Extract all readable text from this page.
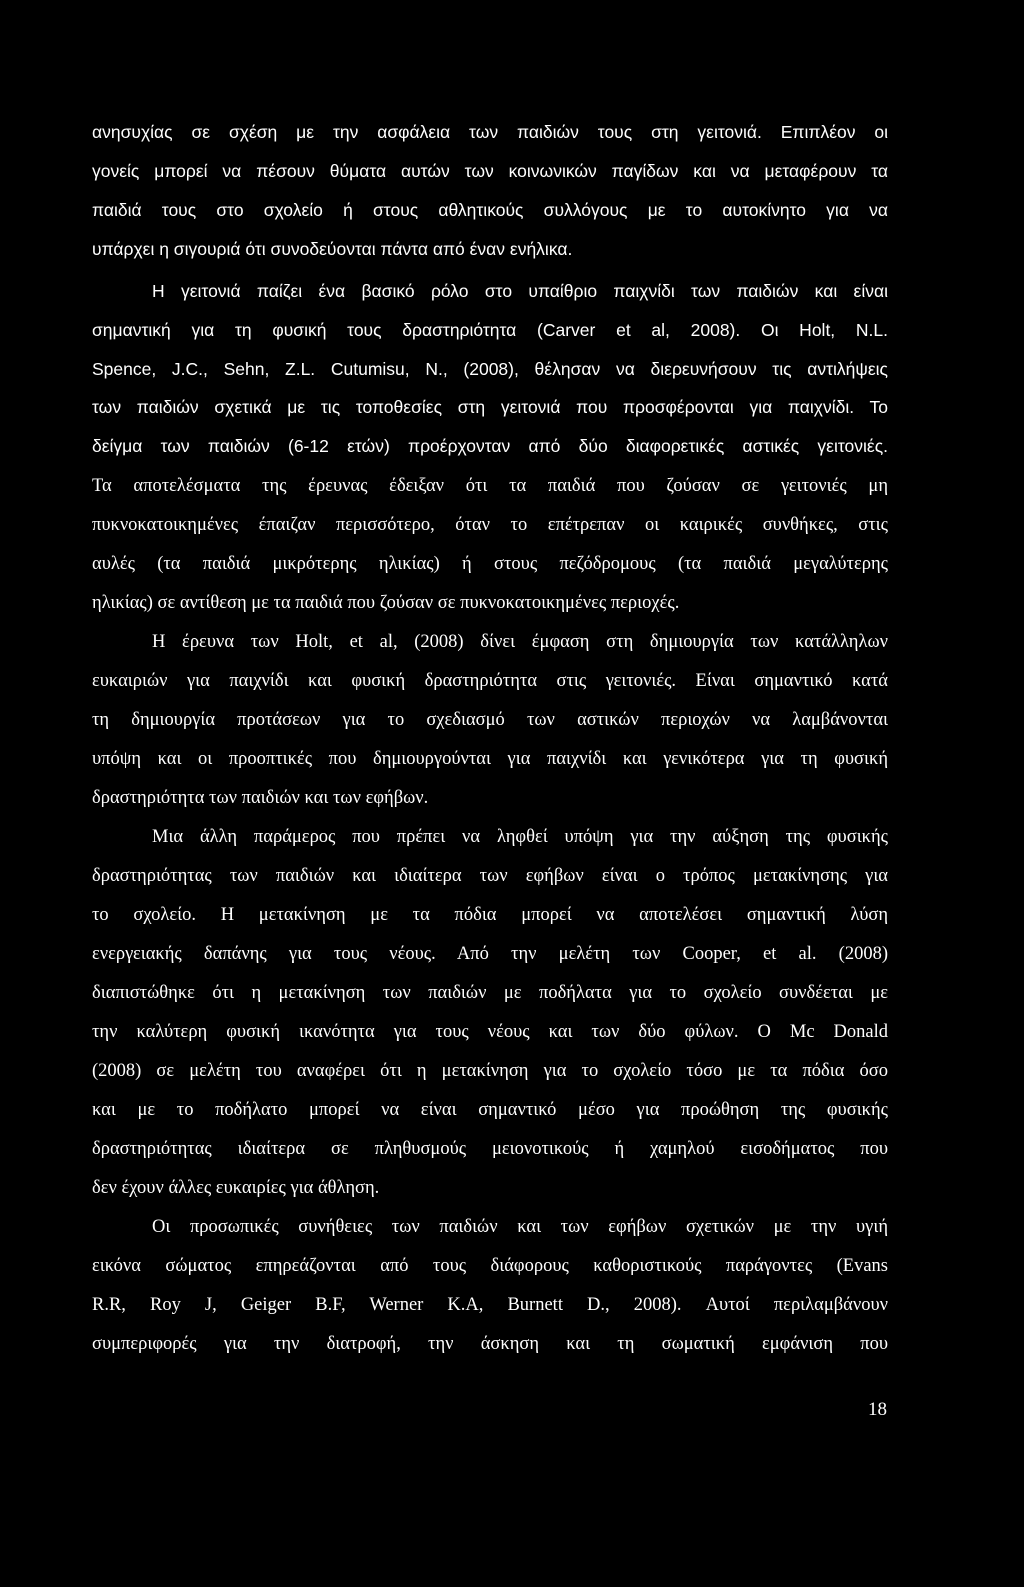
ανησυχίας σε σχέση με την ασφάλεια των παιδιών τους στη γειτονιά. Επιπλέον οι
γονείς μπορεί να πέσουν θύματα αυτών των κοινωνικών παγίδων και να μεταφέρουν τα
παιδιά τους στο σχολείο ή στους αθλητικούς συλλόγους με το αυτοκίνητο για να
υπάρχει η σιγουριά ότι συνοδεύονται πάντα από έναν ενήλικα.
Η γειτονιά παίζει ένα βασικό ρόλο στο υπαίθριο παιχνίδι των παιδιών και είναι
σημαντική για τη φυσική τους δραστηριότητα (Carver et al, 2008). Οι Holt, N.L.
Spence, J.C., Sehn, Z.L. Cutumisu, N., (2008), θέλησαν να διερευνήσουν τις αντιλήψεις
των παιδιών σχετικά με τις τοποθεσίες στη γειτονιά που προσφέρονται για παιχνίδι. Το
δείγμα των παιδιών (6-12 ετών) προέρχονταν από δύο διαφορετικές αστικές γειτονιές.
Τα αποτελέσματα της έρευνας έδειξαν ότι τα παιδιά που ζούσαν σε γειτονιές μη
πυκνοκατοικημένες έπαιζαν περισσότερο, όταν το επέτρεπαν οι καιρικές συνθήκες, στις
αυλές (τα παιδιά μικρότερης ηλικίας) ή στους πεζόδρομους (τα παιδιά μεγαλύτερης
ηλικίας) σε αντίθεση με τα παιδιά που ζούσαν σε πυκνοκατοικημένες περιοχές.
Η έρευνα των Holt, et al, (2008) δίνει έμφαση στη δημιουργία των κατάλληλων
ευκαιριών για παιχνίδι και φυσική δραστηριότητα στις γειτονιές. Είναι σημαντικό κατά
τη δημιουργία προτάσεων για το σχεδιασμό των αστικών περιοχών να λαμβάνονται
υπόψη και οι προοπτικές που δημιουργούνται για παιχνίδι και γενικότερα για τη φυσική
δραστηριότητα των παιδιών και των εφήβων.
Μια άλλη παράμερος που πρέπει να ληφθεί υπόψη για την αύξηση της φυσικής
δραστηριότητας των παιδιών και ιδιαίτερα των εφήβων είναι ο τρόπος μετακίνησης για
το σχολείο. Η μετακίνηση με τα πόδια μπορεί να αποτελέσει σημαντική λύση
ενεργειακής δαπάνης για τους νέους. Από την μελέτη των Cooper, et al. (2008)
διαπιστώθηκε ότι η μετακίνηση των παιδιών με ποδήλατα για το σχολείο συνδέεται με
την καλύτερη φυσική ικανότητα για τους νέους και των δύο φύλων. Ο Mc Donald
(2008) σε μελέτη του αναφέρει ότι η μετακίνηση για το σχολείο τόσο με τα πόδια όσο
και με το ποδήλατο μπορεί να είναι σημαντικό μέσο για προώθηση της φυσικής
δραστηριότητας ιδιαίτερα σε πληθυσμούς μειονοτικούς ή χαμηλού εισοδήματος που
δεν έχουν άλλες ευκαιρίες για άθληση.
Οι προσωπικές συνήθειες των παιδιών και των εφήβων σχετικών με την υγιή
εικόνα σώματος επηρεάζονται από τους διάφορους καθοριστικούς παράγοντες (Evans
R.R, Roy J, Geiger B.F, Werner K.A, Burnett D., 2008). Αυτοί περιλαμβάνουν
συμπεριφορές για την διατροφή, την άσκηση και τη σωματική εμφάνιση που
18
